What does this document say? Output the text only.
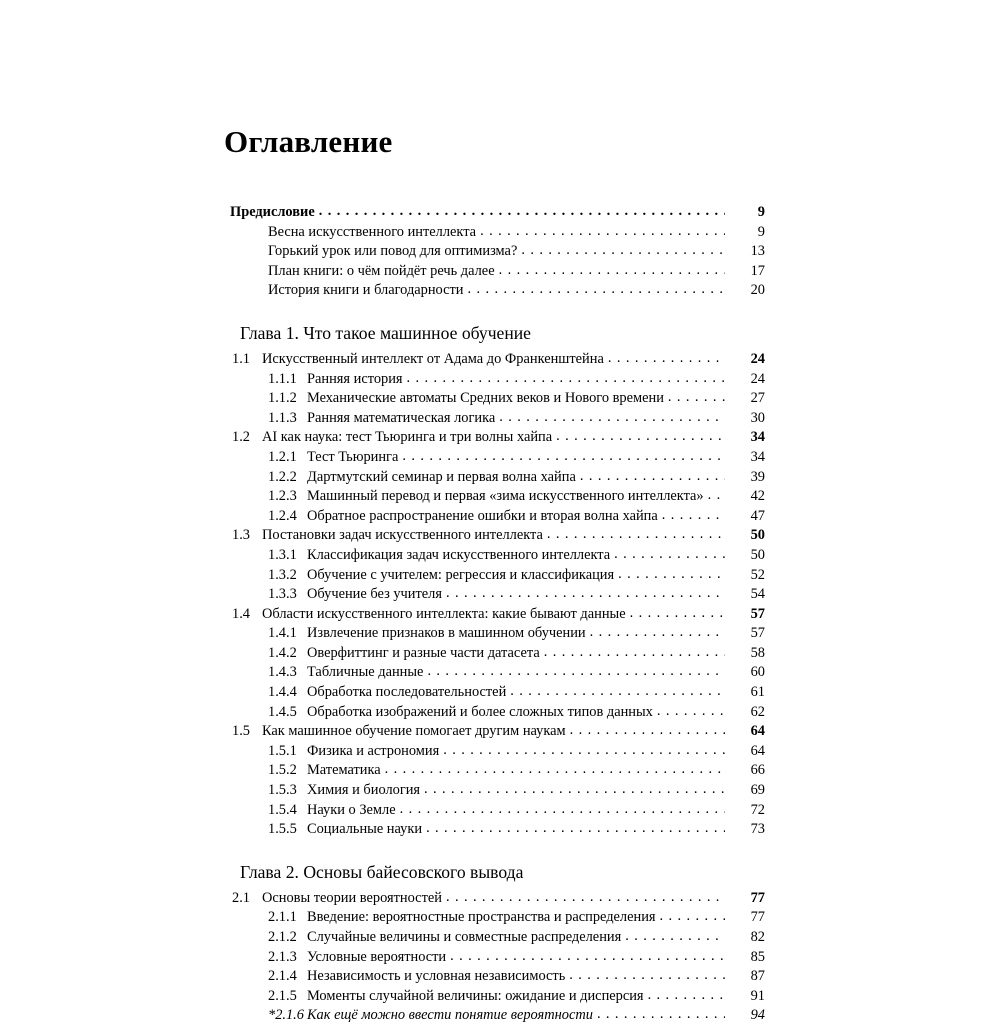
Оглавление
Предисловие . . .	9
Весна искусственного интеллекта . . .	9
Горький урок или повод для оптимизма? . . .	13
План книги: о чём пойдёт речь далее . . .	17
История книги и благодарности . . .	20
Глава 1. Что такое машинное обучение
1.1 Искусственный интеллект от Адама до Франкенштейна . . .	24
1.1.1 Ранняя история . . .	24
1.1.2 Механические автоматы Средних веков и Нового времени . . .	27
1.1.3 Ранняя математическая логика . . .	30
1.2 AI как наука: тест Тьюринга и три волны хайпа . . .	34
1.2.1 Тест Тьюринга . . .	34
1.2.2 Дартмутский семинар и первая волна хайпа . . .	39
1.2.3 Машинный перевод и первая «зима искусственного интеллекта» . . .	42
1.2.4 Обратное распространение ошибки и вторая волна хайпа . . .	47
1.3 Постановки задач искусственного интеллекта . . .	50
1.3.1 Классификация задач искусственного интеллекта . . .	50
1.3.2 Обучение с учителем: регрессия и классификация . . .	52
1.3.3 Обучение без учителя . . .	54
1.4 Области искусственного интеллекта: какие бывают данные . . .	57
1.4.1 Извлечение признаков в машинном обучении . . .	57
1.4.2 Оверфиттинг и разные части датасета . . .	58
1.4.3 Табличные данные . . .	60
1.4.4 Обработка последовательностей . . .	61
1.4.5 Обработка изображений и более сложных типов данных . . .	62
1.5 Как машинное обучение помогает другим наукам . . .	64
1.5.1 Физика и астрономия . . .	64
1.5.2 Математика . . .	66
1.5.3 Химия и биология . . .	69
1.5.4 Науки о Земле . . .	72
1.5.5 Социальные науки . . .	73
Глава 2. Основы байесовского вывода
2.1 Основы теории вероятностей . . .	77
2.1.1 Введение: вероятностные пространства и распределения . . .	77
2.1.2 Случайные величины и совместные распределения . . .	82
2.1.3 Условные вероятности . . .	85
2.1.4 Независимость и условная независимость . . .	87
2.1.5 Моменты случайной величины: ожидание и дисперсия . . .	91
*2.1.6 Как ещё можно ввести понятие вероятности . . .	94
